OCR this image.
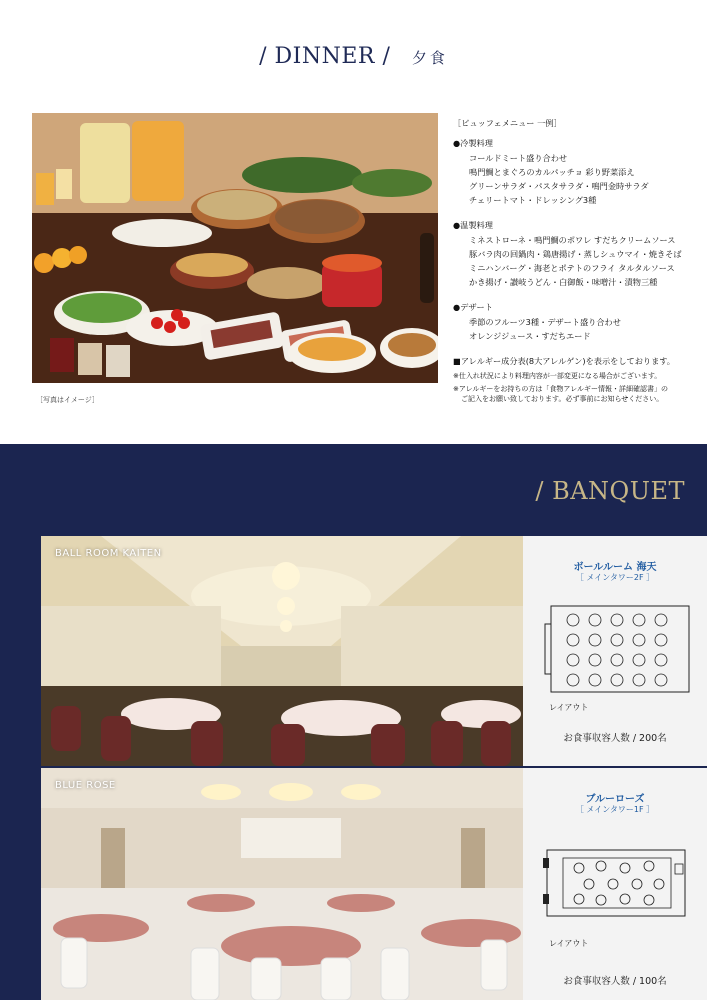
/ DINNER / 夕食
［写真はイメージ］
［ビュッフェメニュー 一例］
●冷製料理
コールドミート盛り合わせ
鳴門鯛とまぐろのカルパッチョ 彩り野菜添え
グリーンサラダ・パスタサラダ・鳴門金時サラダ
チェリートマト・ドレッシング3種
●温製料理
ミネストローネ・鳴門鯛のポワレ すだちクリームソース
豚バラ肉の回鍋肉・鶏唐揚げ・蒸しシュウマイ・焼きそば
ミニハンバーグ・海老とポテトのフライ タルタルソース
かき揚げ・讃岐うどん・白御飯・味噌汁・漬物三種
●デザート
季節のフルーツ3種・デザート盛り合わせ
オレンジジュース・すだちエード
■アレルギー成分表(8大アレルゲン)を表示をしております。
※仕入れ状況により料理内容が一部変更になる場合がございます。
※アレルギーをお持ちの方は「食物アレルギー情報・詳細確認書」の
ご記入をお願い致しております。必ず事前にお知らせください。
/ BANQUET
BALL ROOM KAITEN
ボールルーム 海天
［ メインタワー2F ］
レイアウト
お食事収容人数 / 200名
BLUE ROSE
ブルーローズ
［ メインタワー1F ］
レイアウト
お食事収容人数 / 100名
